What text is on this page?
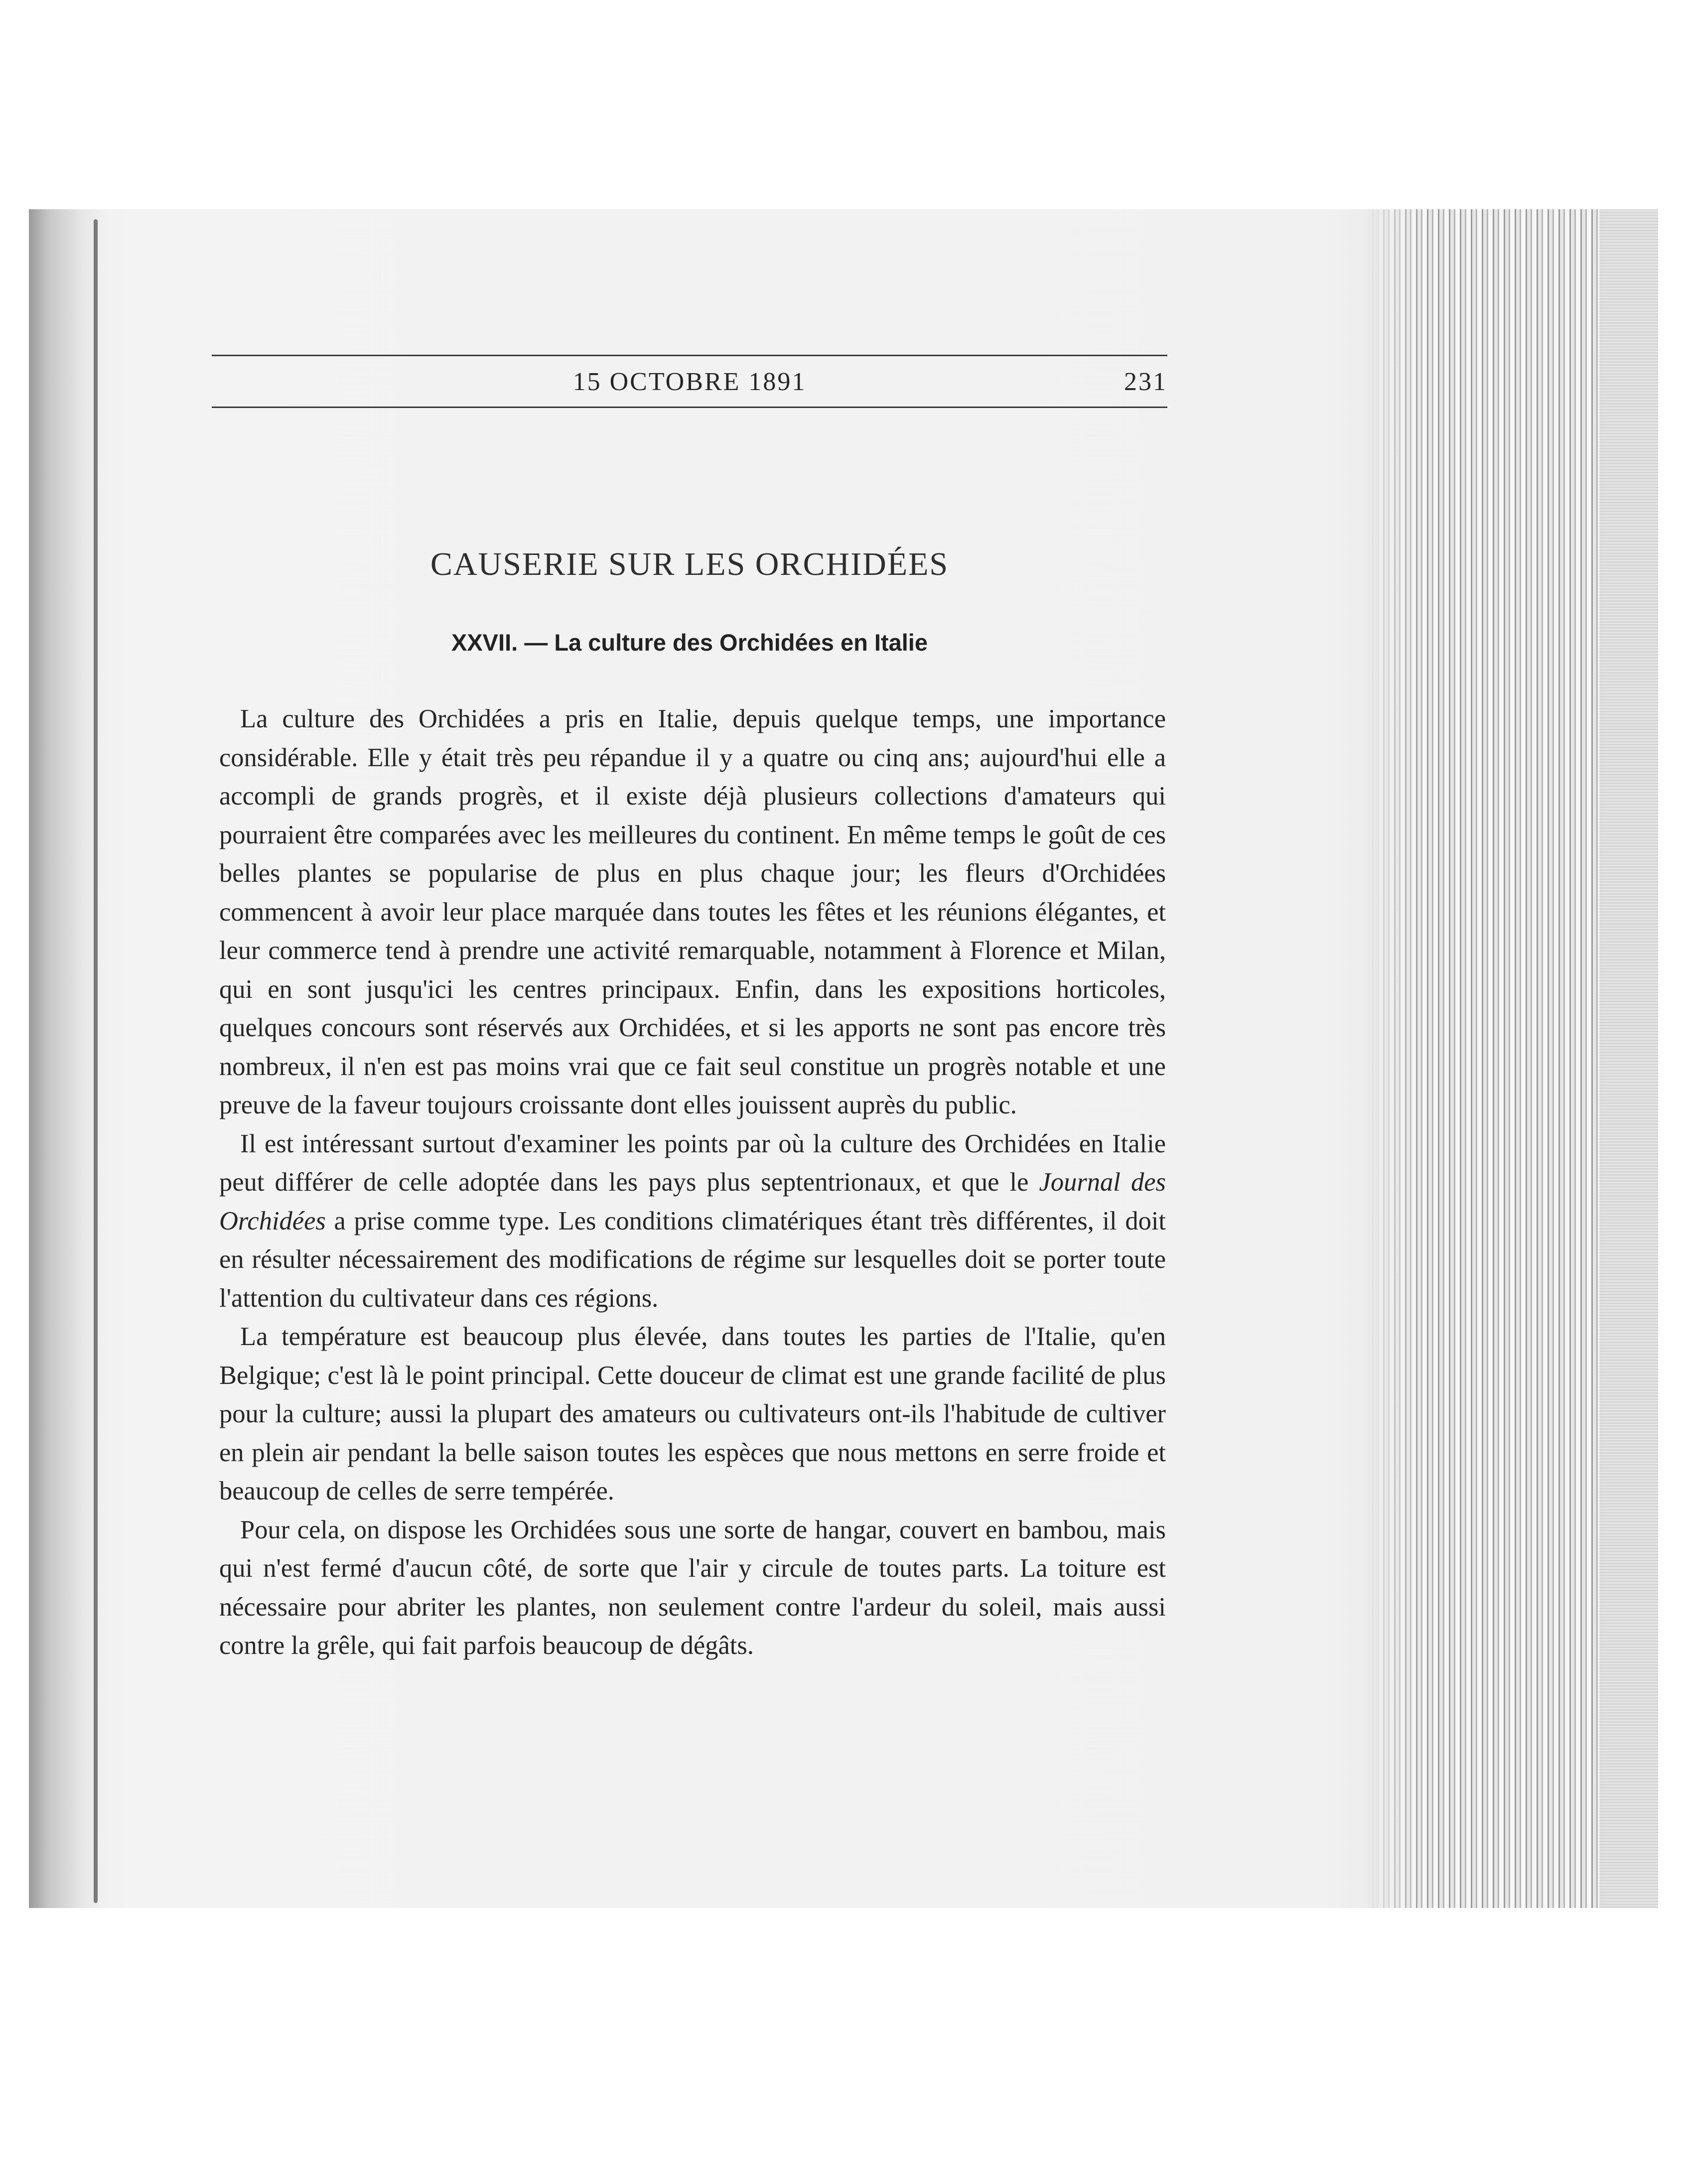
15 OCTOBRE 1891	231
CAUSERIE SUR LES ORCHIDÉES
XXVII. — La culture des Orchidées en Italie

La culture des Orchidées a pris en Italie, depuis quelque temps, une importance considérable. Elle y était très peu répandue il y a quatre ou cinq ans; aujourd'hui elle a accompli de grands progrès, et il existe déjà plusieurs collections d'amateurs qui pourraient être comparées avec les meilleures du continent. En même temps le goût de ces belles plantes se popularise de plus en plus chaque jour; les fleurs d'Orchidées commencent à avoir leur place marquée dans toutes les fêtes et les réunions élégantes, et leur commerce tend à prendre une activité remarquable, notamment à Florence et Milan, qui en sont jusqu'ici les centres principaux. Enfin, dans les expositions horticoles, quelques concours sont réservés aux Orchidées, et si les apports ne sont pas encore très nombreux, il n'en est pas moins vrai que ce fait seul constitue un progrès notable et une preuve de la faveur toujours croissante dont elles jouissent auprès du public.

Il est intéressant surtout d'examiner les points par où la culture des Orchidées en Italie peut différer de celle adoptée dans les pays plus septentrionaux, et que le Journal des Orchidées a prise comme type. Les conditions climatériques étant très différentes, il doit en résulter nécessairement des modifications de régime sur lesquelles doit se porter toute l'attention du cultivateur dans ces régions.

La température est beaucoup plus élevée, dans toutes les parties de l'Italie, qu'en Belgique; c'est là le point principal. Cette douceur de climat est une grande facilité de plus pour la culture; aussi la plupart des amateurs ou cultivateurs ont-ils l'habitude de cultiver en plein air pendant la belle saison toutes les espèces que nous mettons en serre froide et beaucoup de celles de serre tempérée.

Pour cela, on dispose les Orchidées sous une sorte de hangar, couvert en bambou, mais qui n'est fermé d'aucun côté, de sorte que l'air y circule de toutes parts. La toiture est nécessaire pour abriter les plantes, non seulement contre l'ardeur du soleil, mais aussi contre la grêle, qui fait parfois beaucoup de dégâts.
